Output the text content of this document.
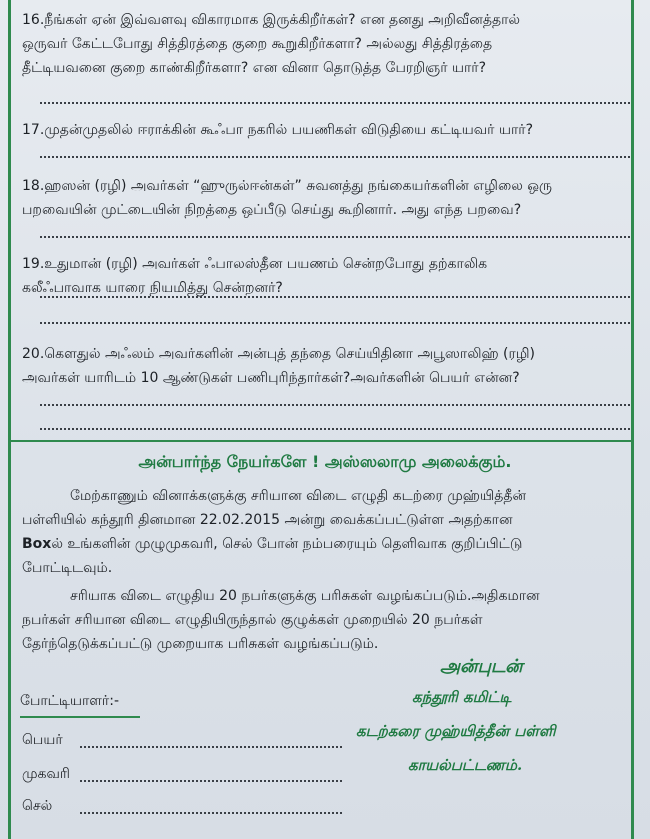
16.நீங்கள் ஏன் இவ்வளவு விகாரமாக இருக்கிறீர்கள்? என தனது அறிவீனத்தால்
ஒருவர் கேட்டபோது சித்திரத்தை குறை கூறுகிறீர்களா? அல்லது சித்திரத்தை
தீட்டியவனை குறை காண்கிறீர்களா? என வினா தொடுத்த பேரறிஞர் யார்?
17.முதன்முதலில் ஈராக்கின் கூஃபா நகரில் பயணிகள் விடுதியை கட்டியவர் யார்?
18.ஹஸன் (ரழி) அவர்கள் “ஹுருல்ஈன்கள்” சுவனத்து நங்கையர்களின் எழிலை ஒரு
பறவையின் முட்டையின் நிறத்தை ஒப்பீடு செய்து கூறினார். அது எந்த பறவை?
19.உதுமான் (ரழி) அவர்கள் ஃபாலஸ்தீன பயணம் சென்றபோது தற்காலிக
கலீஃபாவாக யாரை நியமித்து சென்றனர்?
20.கௌதுல் அஃலம் அவர்களின் அன்புத் தந்தை செய்யிதினா அபூஸாலிஹ் (ரழி)
அவர்கள் யாரிடம் 10 ஆண்டுகள் பணிபுரிந்தார்கள்?அவர்களின் பெயர் என்ன?
அன்பார்ந்த நேயர்களே ! அஸ்ஸலாமு அலைக்கும்.
மேற்காணும் வினாக்களுக்கு சரியான விடை எழுதி கடற்ரை முஹ்யித்தீன்
பள்ளியில் கந்தூரி தினமான 22.02.2015 அன்று வைக்கப்பட்டுள்ள அதற்கான
Boxல் உங்களின் முழுமுகவரி, செல் போன் நம்பரையும் தெளிவாக குறிப்பிட்டு
போட்டிடவும்.
சரியாக விடை எழுதிய 20 நபர்களுக்கு பரிசுகள் வழங்கப்படும்.அதிகமான
நபர்கள் சரியான விடை எழுதியிருந்தால் குழுக்கள் முறையில் 20 நபர்கள்
தேர்ந்தெடுக்கப்பட்டு முறையாக பரிசுகள் வழங்கப்படும்.
அன்புடன்
கந்தூரி கமிட்டி
கடற்கரை முஹ்யித்தீன் பள்ளி
காயல்பட்டணம்.
போட்டியாளர்:-
பெயர்
முகவரி
செல்
